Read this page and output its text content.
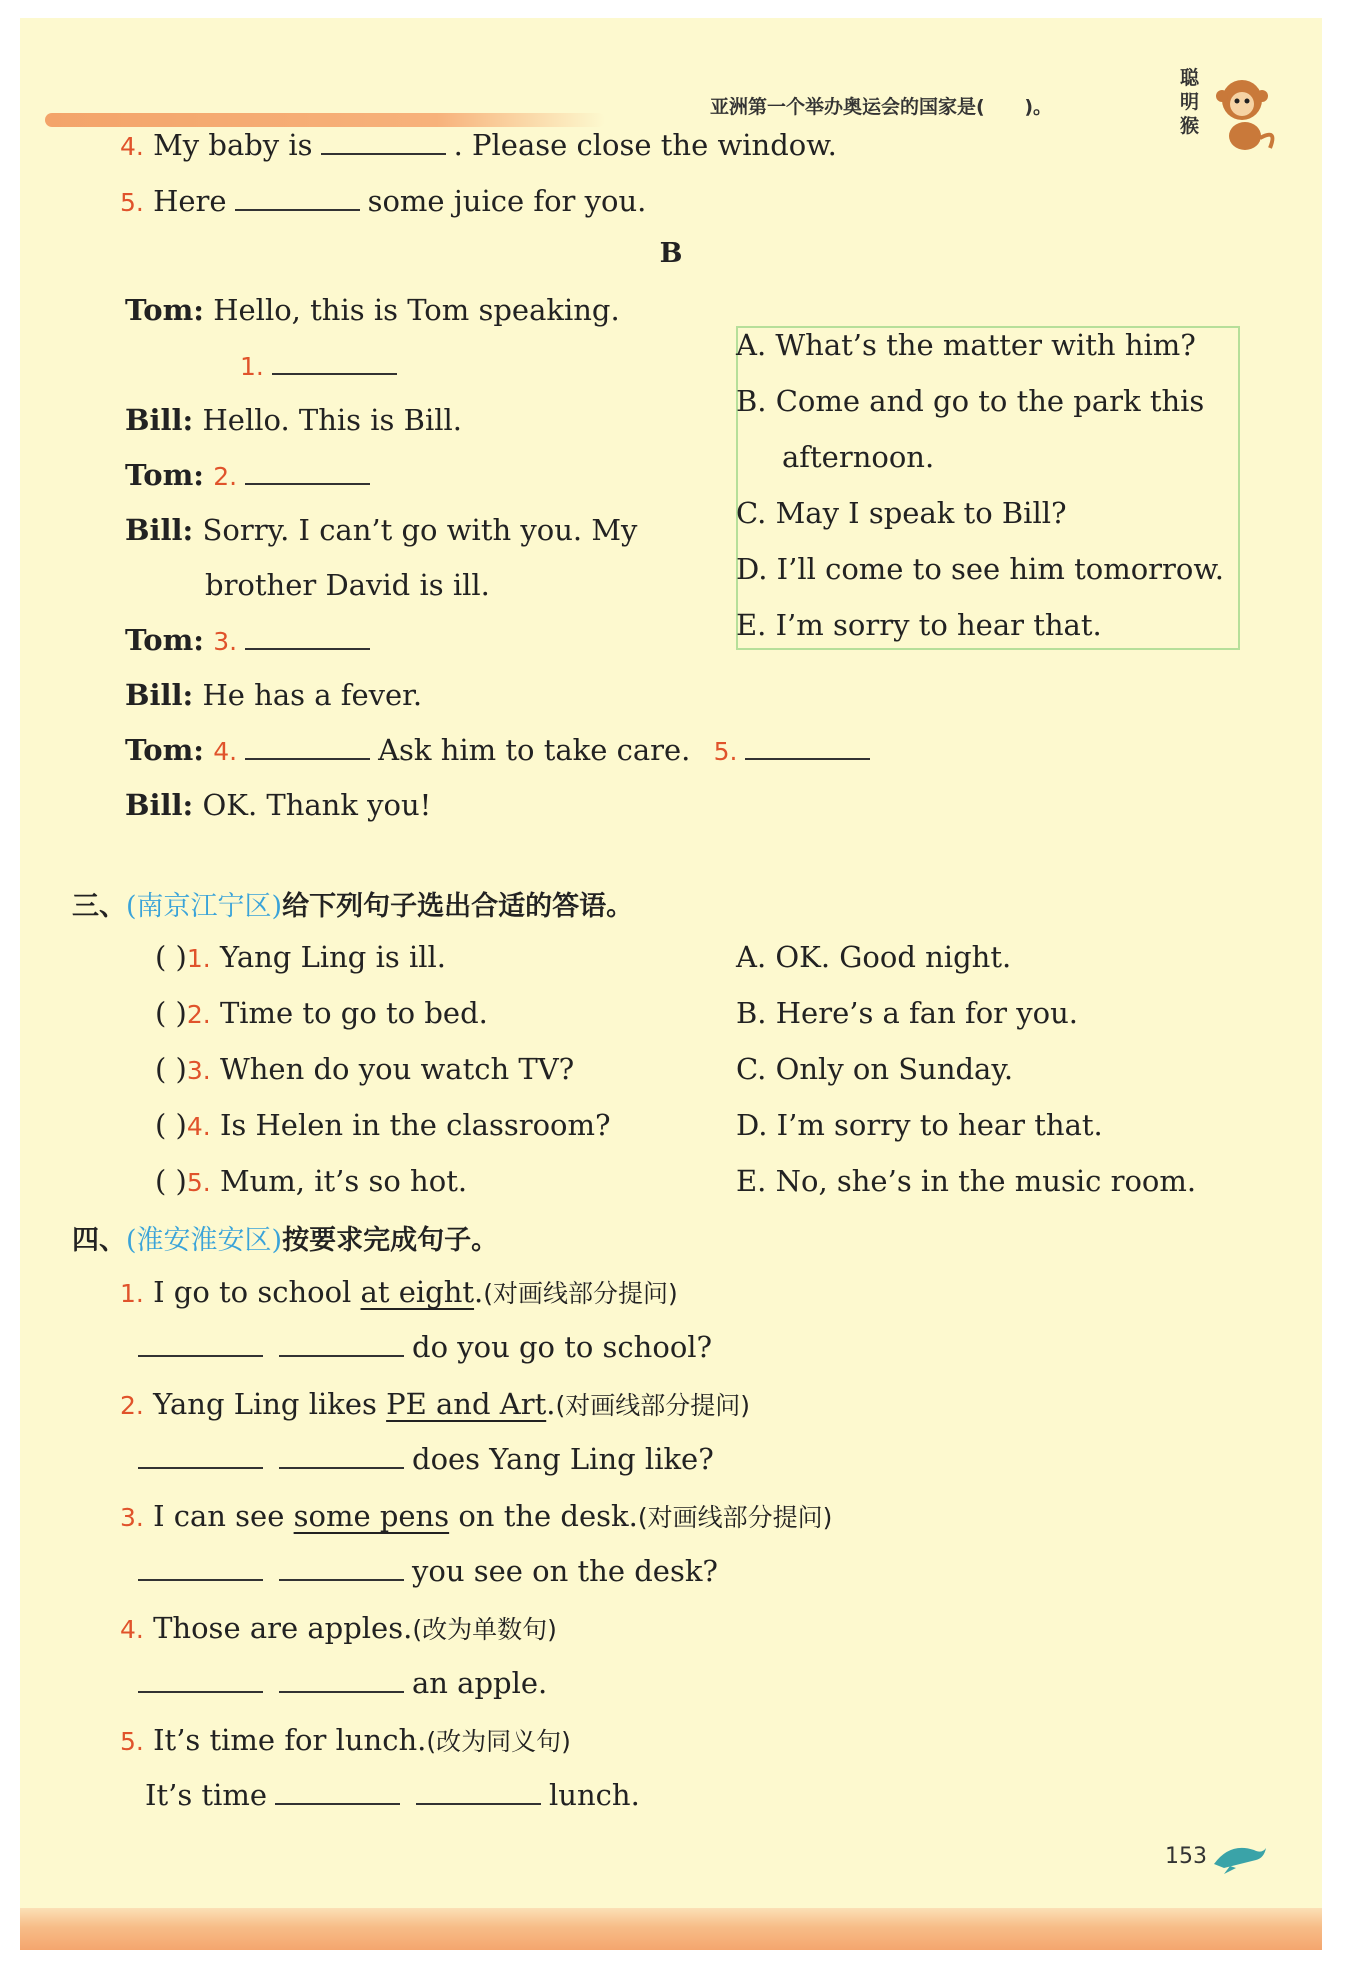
亚洲第一个举办奥运会的国家是(      )。
聪明猴
4. My baby is	. Please close the window.
5. Here	some juice for you.
B
Tom: Hello, this is Tom speaking.
1.
Bill: Hello. This is Bill.
Tom: 2.
Bill: Sorry. I can’t go with you. My
brother David is ill.
Tom: 3.
Bill: He has a fever.
Tom: 4.	Ask him to take care. 5.
Bill: OK. Thank you!
A. What’s the matter with him?
B. Come and go to the park this
afternoon.
C. May I speak to Bill?
D. I’ll come to see him tomorrow.
E. I’m sorry to hear that.
三、(南京江宁区)给下列句子选出合适的答语。
( )1. Yang Ling is ill.
( )2. Time to go to bed.
( )3. When do you watch TV?
( )4. Is Helen in the classroom?
( )5. Mum, it’s so hot.
A. OK. Good night.
B. Here’s a fan for you.
C. Only on Sunday.
D. I’m sorry to hear that.
E. No, she’s in the music room.
四、(淮安淮安区)按要求完成句子。
1. I go to school at eight.(对画线部分提问)
do you go to school?
2. Yang Ling likes PE and Art.(对画线部分提问)
does Yang Ling like?
3. I can see some pens on the desk.(对画线部分提问)
you see on the desk?
4. Those are apples.(改为单数句)
an apple.
5. It’s time for lunch.(改为同义句)
It’s time	lunch.
153
